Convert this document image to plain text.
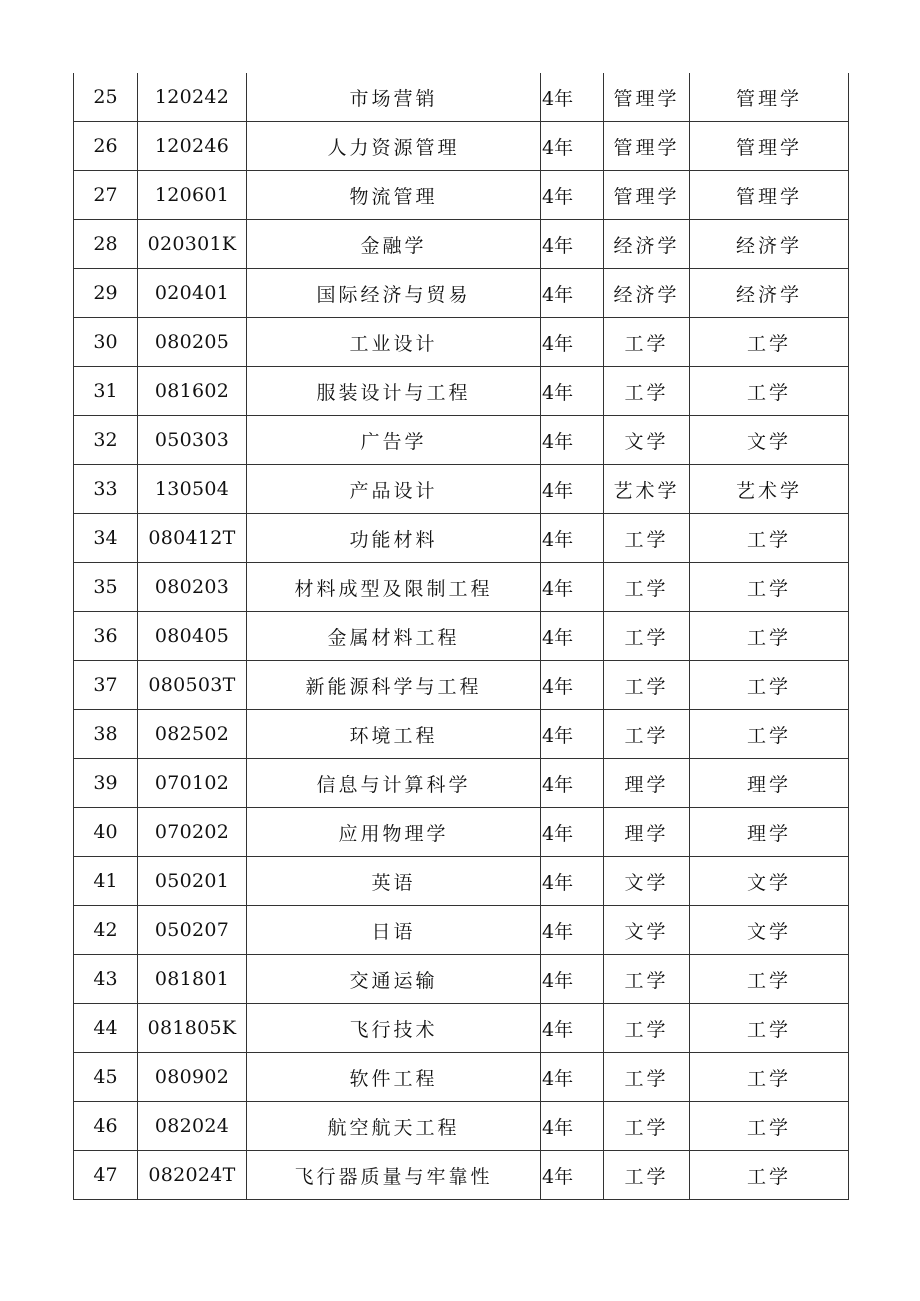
25	120242	市场营销	4年	管理学	管理学
26	120246	人力资源管理	4年	管理学	管理学
27	120601	物流管理	4年	管理学	管理学
28	020301K	金融学	4年	经济学	经济学
29	020401	国际经济与贸易	4年	经济学	经济学
30	080205	工业设计	4年	工学	工学
31	081602	服装设计与工程	4年	工学	工学
32	050303	广告学	4年	文学	文学
33	130504	产品设计	4年	艺术学	艺术学
34	080412T	功能材料	4年	工学	工学
35	080203	材料成型及限制工程	4年	工学	工学
36	080405	金属材料工程	4年	工学	工学
37	080503T	新能源科学与工程	4年	工学	工学
38	082502	环境工程	4年	工学	工学
39	070102	信息与计算科学	4年	理学	理学
40	070202	应用物理学	4年	理学	理学
41	050201	英语	4年	文学	文学
42	050207	日语	4年	文学	文学
43	081801	交通运输	4年	工学	工学
44	081805K	飞行技术	4年	工学	工学
45	080902	软件工程	4年	工学	工学
46	082024	航空航天工程	4年	工学	工学
47	082024T	飞行器质量与牢靠性	4年	工学	工学
